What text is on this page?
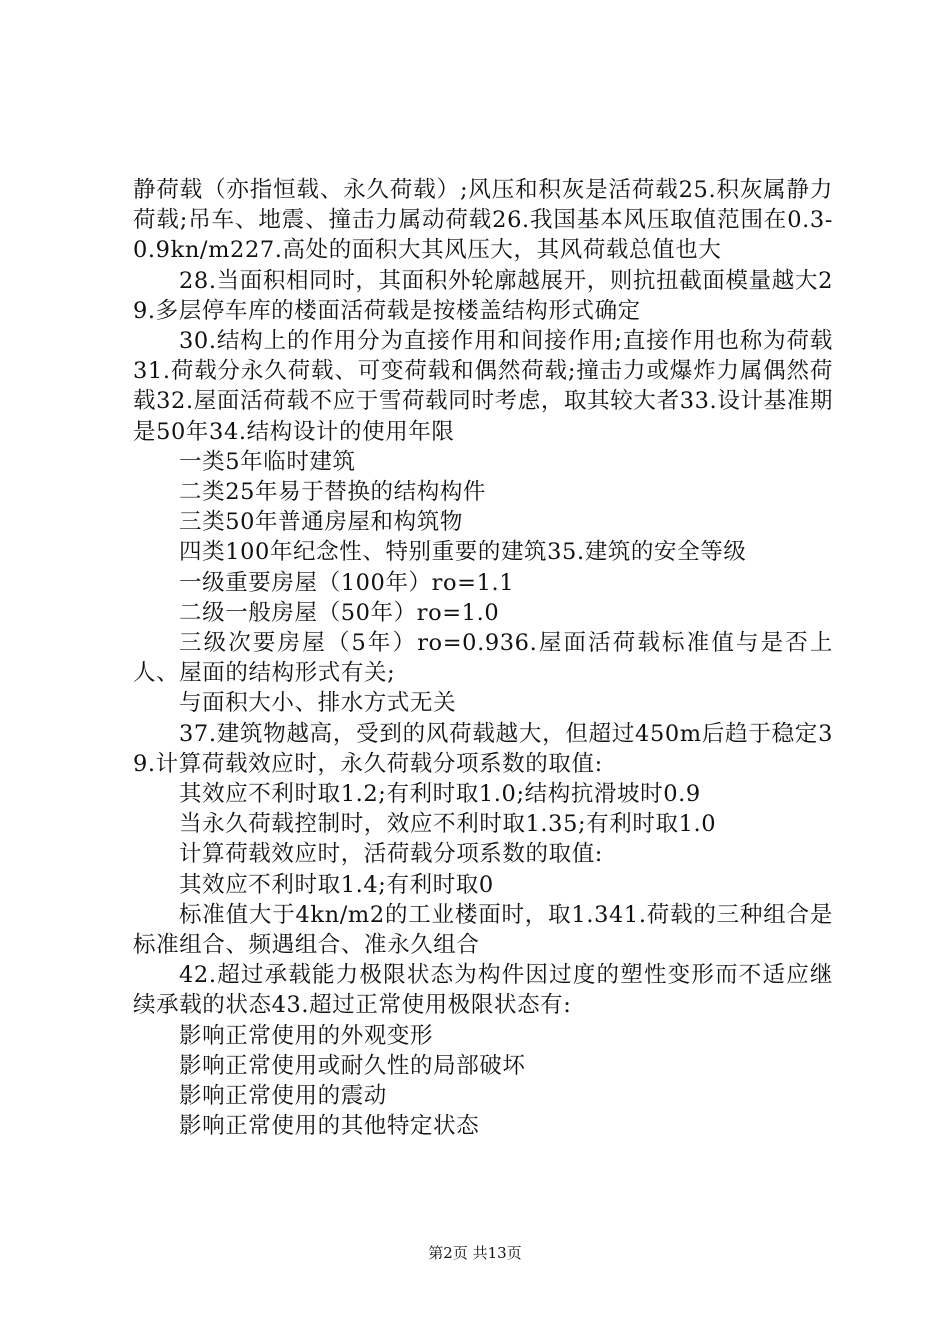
静荷载（亦指恒载、永久荷载）;风压和积灰是活荷载25.积灰属静力荷载;吊车、地震、撞击力属动荷载26.我国基本风压取值范围在0.3-0.9kn/m227.高处的面积大其风压大，其风荷载总值也大

28.当面积相同时，其面积外轮廓越展开，则抗扭截面模量越大29.多层停车库的楼面活荷载是按楼盖结构形式确定

30.结构上的作用分为直接作用和间接作用;直接作用也称为荷载31.荷载分永久荷载、可变荷载和偶然荷载;撞击力或爆炸力属偶然荷载32.屋面活荷载不应于雪荷载同时考虑，取其较大者33.设计基准期是50年34.结构设计的使用年限

一类5年临时建筑

二类25年易于替换的结构构件

三类50年普通房屋和构筑物

四类100年纪念性、特别重要的建筑35.建筑的安全等级

一级重要房屋（100年）ro=1.1

二级一般房屋（50年）ro=1.0

三级次要房屋（5年）ro=0.936.屋面活荷载标准值与是否上人、屋面的结构形式有关;

与面积大小、排水方式无关

37.建筑物越高，受到的风荷载越大，但超过450m后趋于稳定39.计算荷载效应时，永久荷载分项系数的取值:

其效应不利时取1.2;有利时取1.0;结构抗滑坡时0.9

当永久荷载控制时，效应不利时取1.35;有利时取1.0

计算荷载效应时，活荷载分项系数的取值:

其效应不利时取1.4;有利时取0

标准值大于4kn/m2的工业楼面时，取1.341.荷载的三种组合是标准组合、频遇组合、准永久组合

42.超过承载能力极限状态为构件因过度的塑性变形而不适应继续承载的状态43.超过正常使用极限状态有:

影响正常使用的外观变形

影响正常使用或耐久性的局部破坏

影响正常使用的震动

影响正常使用的其他特定状态

第2页 共13页
